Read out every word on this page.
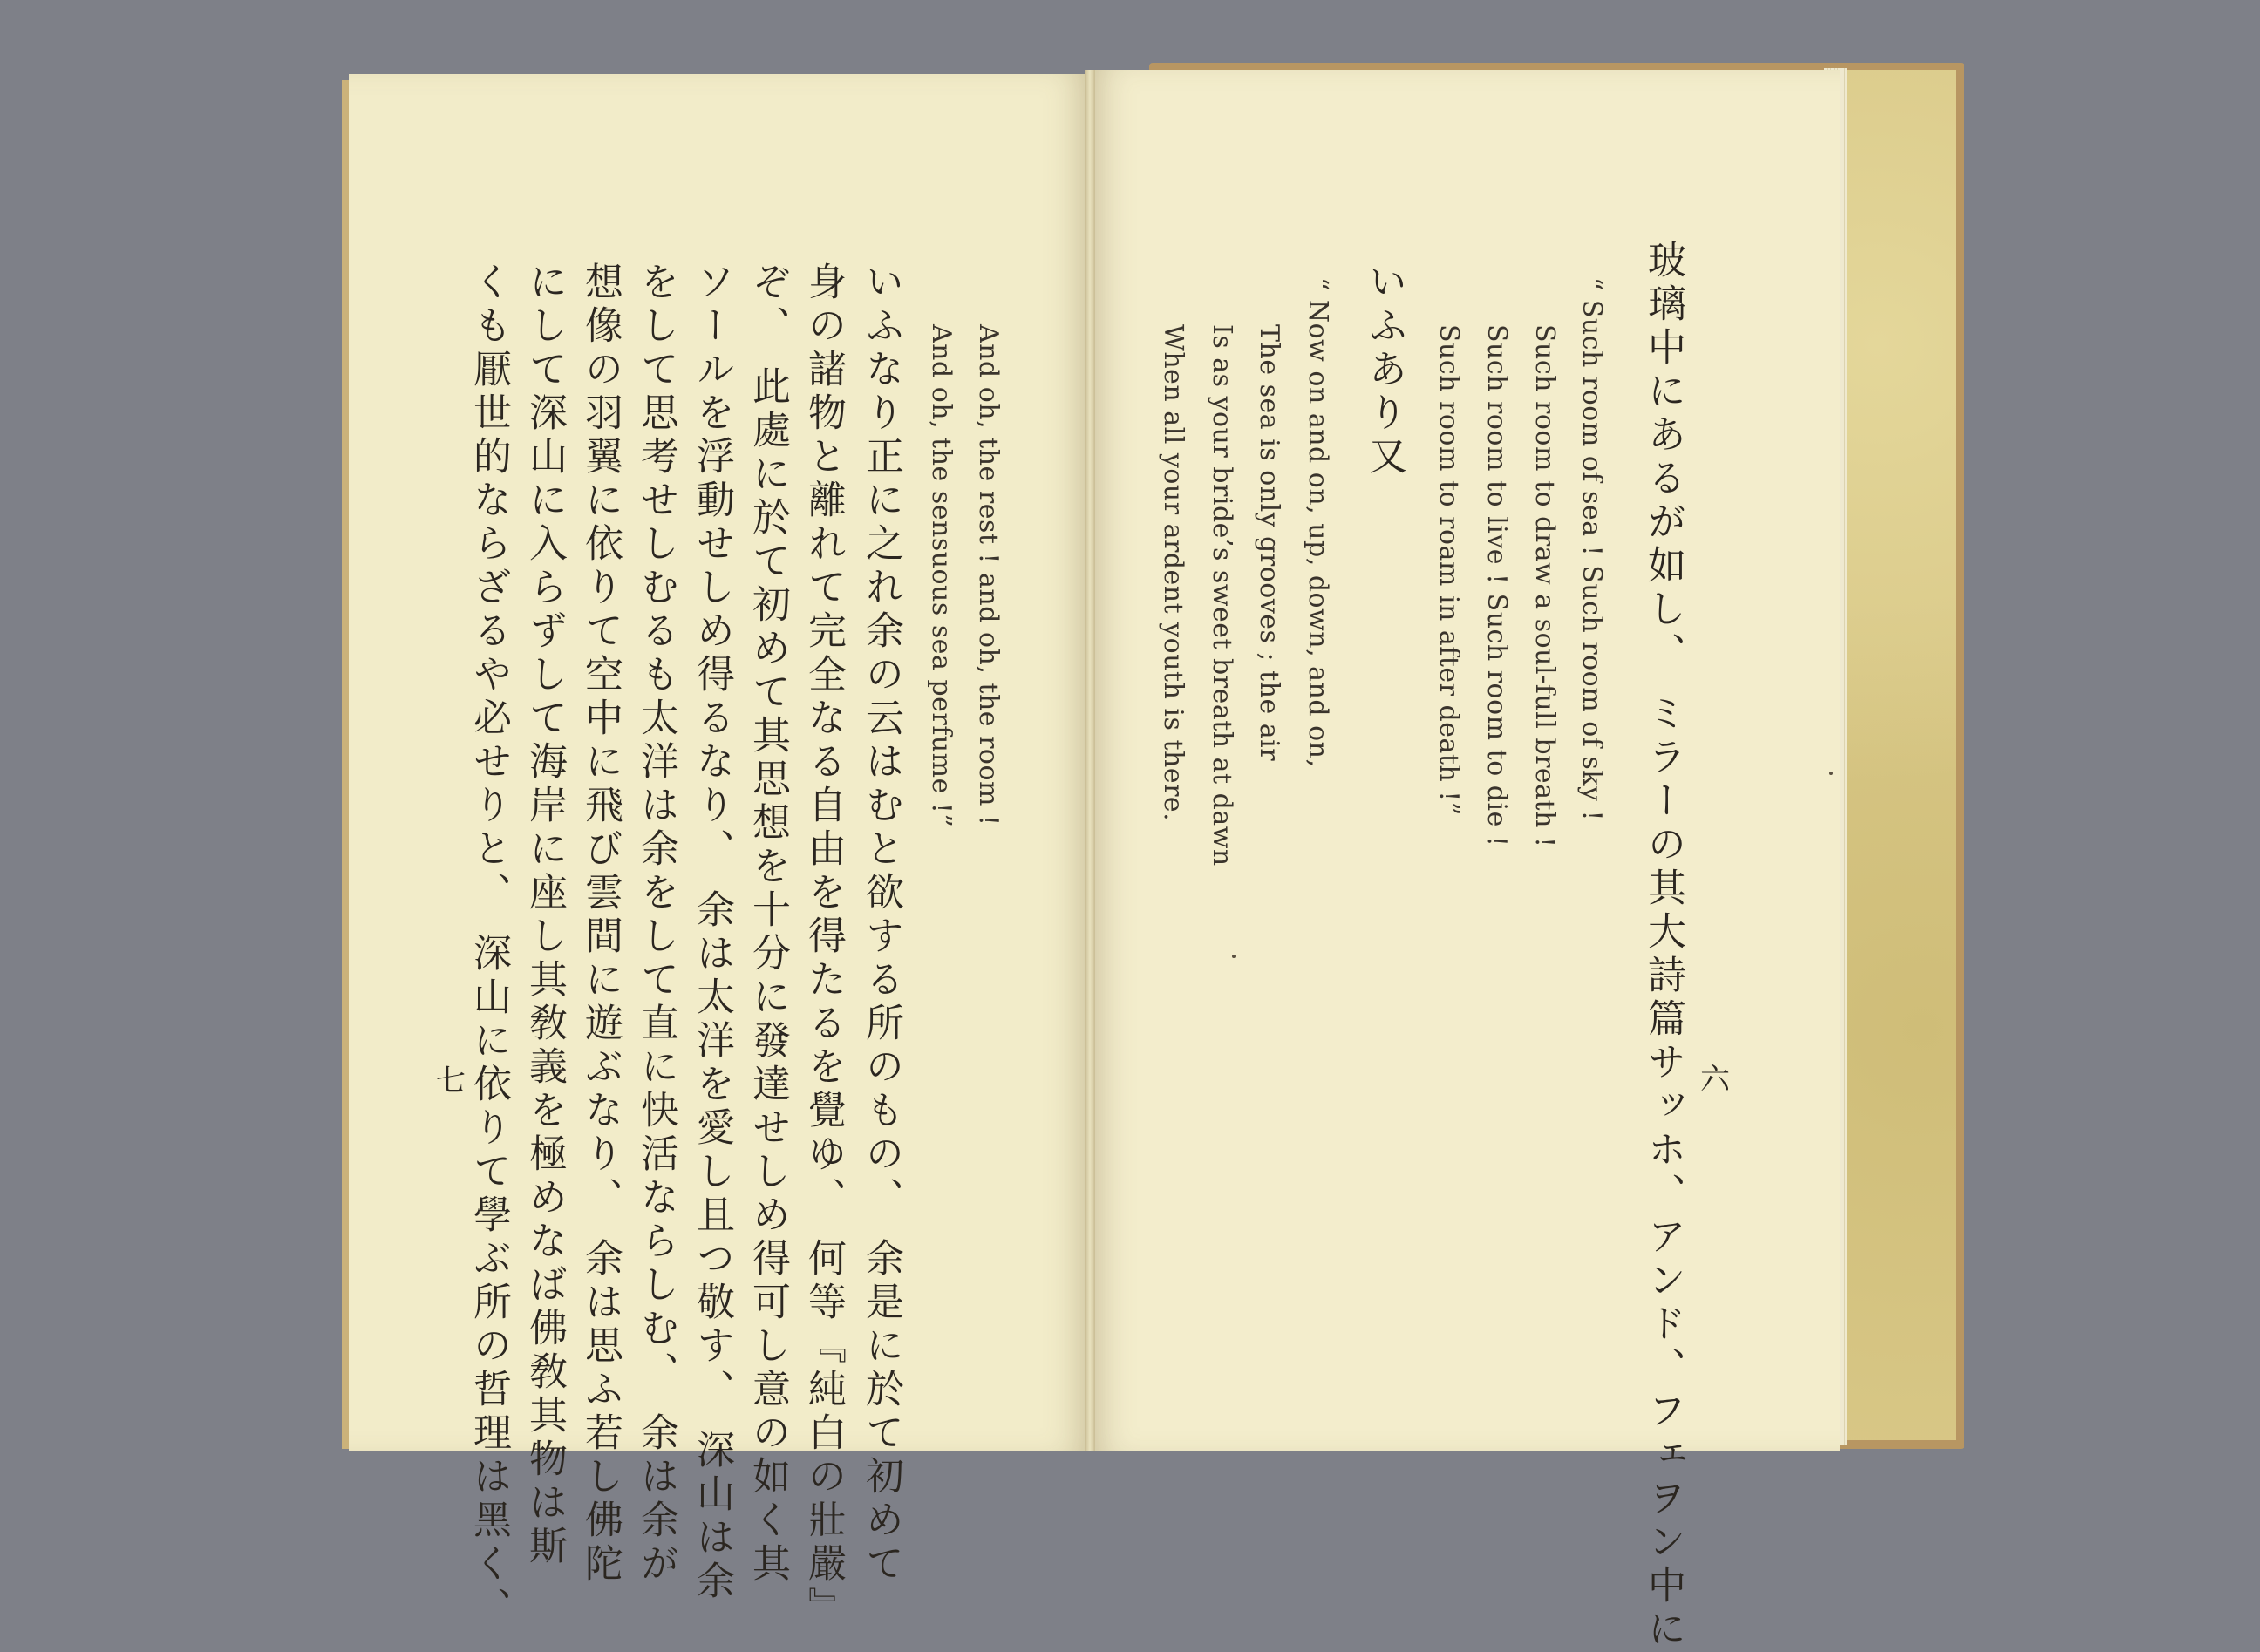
玻璃中にあるが如し、 ミラーの其大詩篇サッホ、アンド、フェヲン中に
“ Such room of sea ! Such room of sky !
Such room to draw a soul-full breath !
Such room to live ! Such room to die !
Such room to roam in after death !”
いふあり又
“ Now on and on, up, down, and on,
The sea is only grooves ; the air
Is as your bride’s sweet breath at dawn
When all your ardent youth is there.
六
And oh, the rest ! and oh, the room !
And oh, the sensuous sea perfume !”
いふなり正に之れ余の云はむと欲する所のもの、 余是に於て初めて
身の諸物と離れて完全なる自由を得たるを覺ゆ、 何等『純白の壯嚴』
ぞ、 此處に於て初めて其思想を十分に發達せしめ得可し意の如く其
ソールを浮動せしめ得るなり、 余は太洋を愛し且つ敬す、 深山は余
をして思考せしむるも太洋は余をして直に快活ならしむ、 余は余が
想像の羽翼に依りて空中に飛び雲間に遊ぶなり、 余は思ふ若し佛陀
にして深山に入らずして海岸に座し其敎義を極めなば佛敎其物は斯
くも厭世的ならざるや必せりと、 深山に依りて學ぶ所の哲理は黑く、
七
